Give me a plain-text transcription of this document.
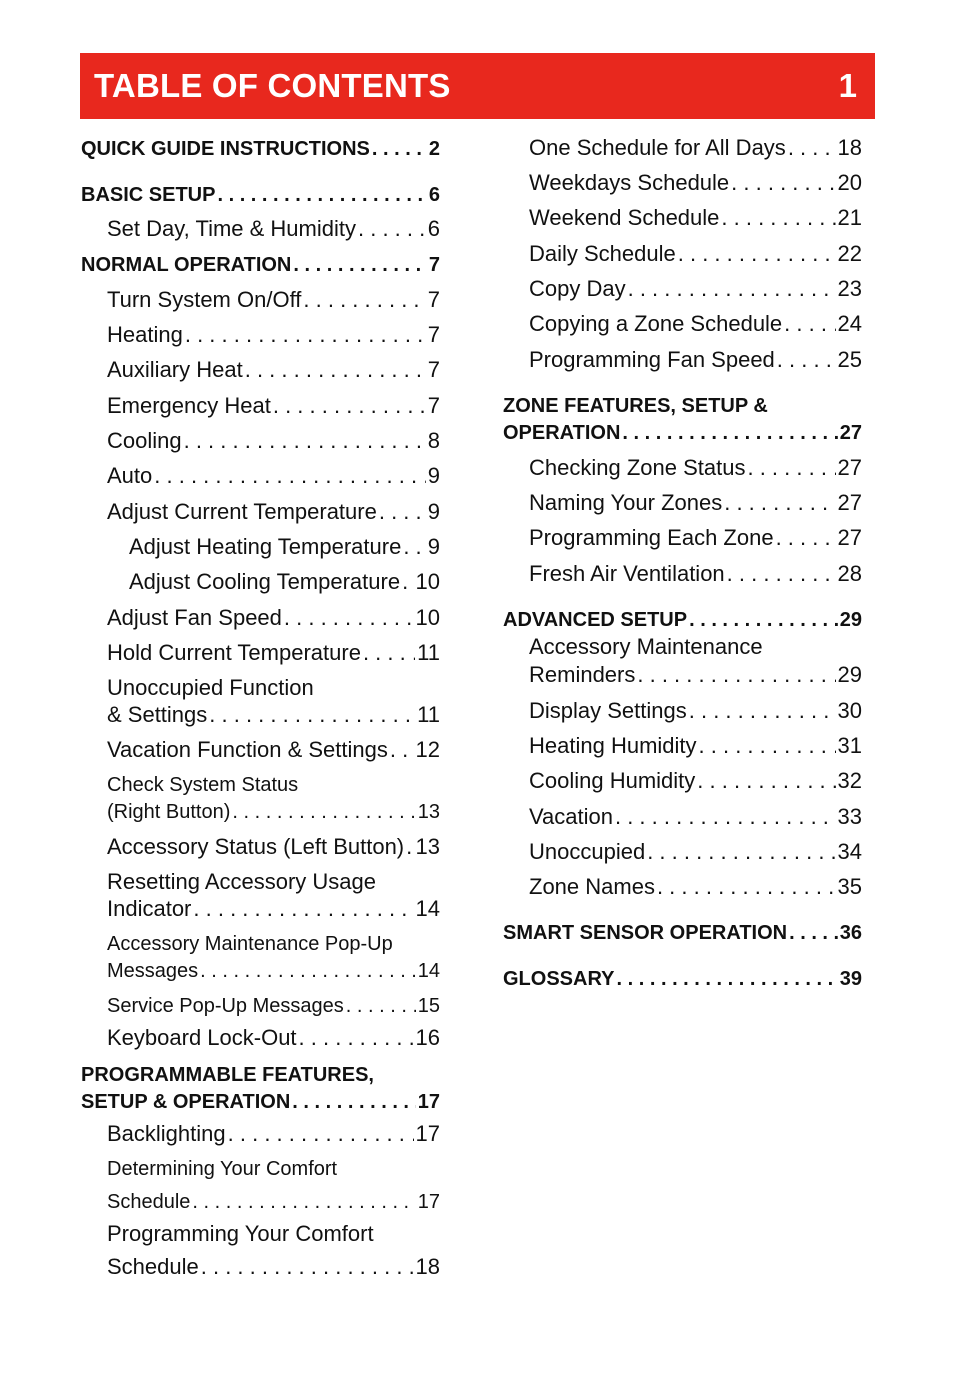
TABLE OF CONTENTS	1
QUICK GUIDE INSTRUCTIONS . . .	2
BASIC SETUP . . .	6
Set Day, Time & Humidity . . .	6
NORMAL OPERATION . . .	7
Turn System On/Off . . .	7
Heating . . .	7
Auxiliary Heat . . .	7
Emergency Heat . . .	7
Cooling . . .	8
Auto . . .	9
Adjust Current Temperature . . . 9
Adjust Heating Temperature . . . 9
Adjust Cooling Temperature . . . 10
Adjust Fan Speed . . .	10
Hold Current Temperature . . .	11
Unoccupied Function
& Settings . . .	11
Vacation Function & Settings . . . 12
Check System Status
(Right Button) . . .	13
Accessory Status (Left Button) . . . 13
Resetting Accessory Usage
Indicator . . .	14
Accessory Maintenance Pop-Up
Messages . . .	14
Service Pop-Up Messages . . .	15
Keyboard Lock-Out . . .	16
PROGRAMMABLE FEATURES,
SETUP & OPERATION . . .	17
Backlighting . . .	17
Determining Your Comfort
Schedule . . .	17
Programming Your Comfort
Schedule . . .	18
One Schedule for All Days . . . 18
Weekdays Schedule . . .	20
Weekend Schedule . . .	21
Daily Schedule . . .	22
Copy Day . . .	23
Copying a Zone Schedule . . .	24
Programming Fan Speed . . .	25
ZONE FEATURES, SETUP &
OPERATION . . .	27
Checking Zone Status . . .	27
Naming Your Zones . . .	27
Programming Each Zone . . .	27
Fresh Air Ventilation . . .	28
ADVANCED SETUP . . .	29
Accessory Maintenance
Reminders . . .	29
Display Settings . . .	30
Heating Humidity . . .	31
Cooling Humidity . . .	32
Vacation . . .	33
Unoccupied . . .	34
Zone Names . . .	35
SMART SENSOR OPERATION . . .	36
GLOSSARY . . .	39
